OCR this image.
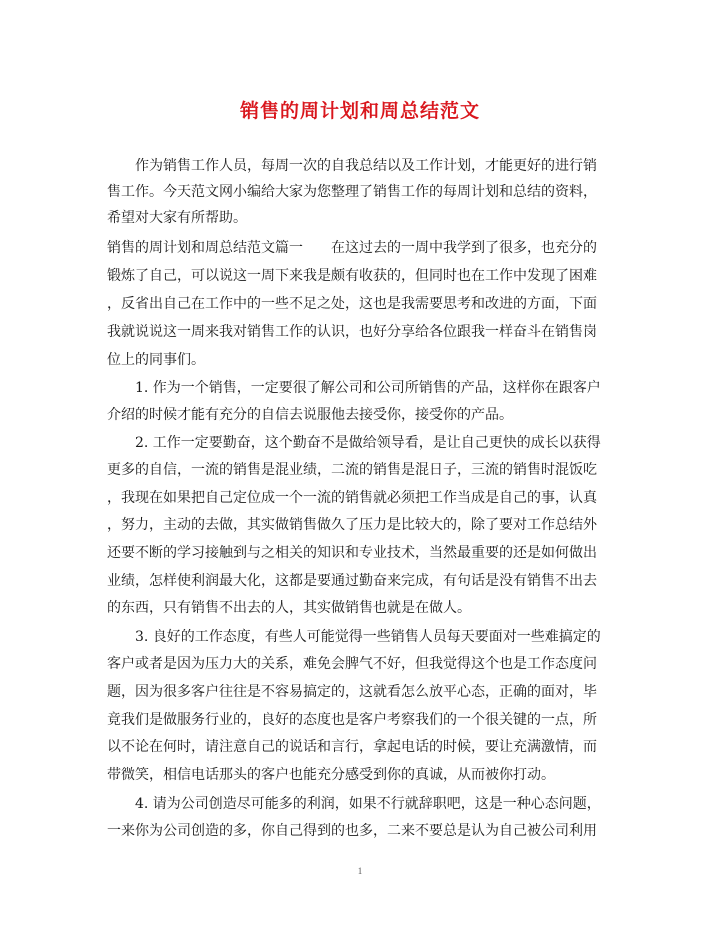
销售的周计划和周总结范文
作为销售工作人员，每周一次的自我总结以及工作计划，才能更好的进行销
售工作。今天范文网小编给大家为您整理了销售工作的每周计划和总结的资料，
希望对大家有所帮助。
销售的周计划和周总结范文篇一　　在这过去的一周中我学到了很多，也充分的
锻炼了自己，可以说这一周下来我是颇有收获的，但同时也在工作中发现了困难
，反省出自己在工作中的一些不足之处，这也是我需要思考和改进的方面，下面
我就说说这一周来我对销售工作的认识，也好分享给各位跟我一样奋斗在销售岗
位上的同事们。
1. 作为一个销售，一定要很了解公司和公司所销售的产品，这样你在跟客户
介绍的时候才能有充分的自信去说服他去接受你，接受你的产品。
2. 工作一定要勤奋，这个勤奋不是做给领导看，是让自己更快的成长以获得
更多的自信，一流的销售是混业绩，二流的销售是混日子，三流的销售时混饭吃
，我现在如果把自己定位成一个一流的销售就必须把工作当成是自己的事，认真
，努力，主动的去做，其实做销售做久了压力是比较大的，除了要对工作总结外
还要不断的学习接触到与之相关的知识和专业技术，当然最重要的还是如何做出
业绩，怎样使利润最大化，这都是要通过勤奋来完成，有句话是没有销售不出去
的东西，只有销售不出去的人，其实做销售也就是在做人。
3. 良好的工作态度，有些人可能觉得一些销售人员每天要面对一些难搞定的
客户或者是因为压力大的关系，难免会脾气不好，但我觉得这个也是工作态度问
题，因为很多客户往往是不容易搞定的，这就看怎么放平心态，正确的面对，毕
竟我们是做服务行业的，良好的态度也是客户考察我们的一个很关键的一点，所
以不论在何时，请注意自己的说话和言行，拿起电话的时候，要让充满激情，而
带微笑，相信电话那头的客户也能充分感受到你的真诚，从而被你打动。
4. 请为公司创造尽可能多的利润，如果不行就辞职吧，这是一种心态问题，
一来你为公司创造的多，你自己得到的也多，二来不要总是认为自己被公司利用
1
